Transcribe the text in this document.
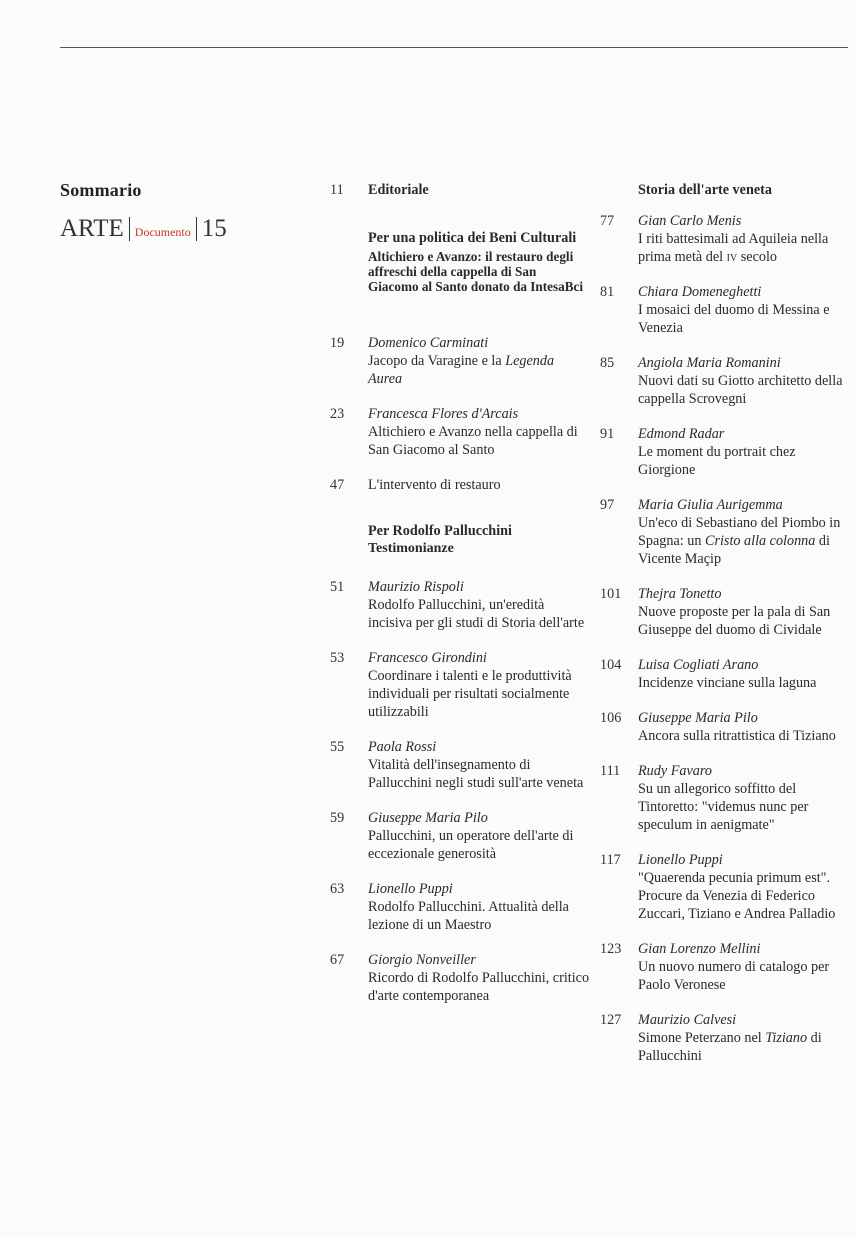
Sommario
ARTE Documento 15
11 Editoriale
Per una politica dei Beni Culturali
Altichiero e Avanzo: il restauro degli affreschi della cappella di San Giacomo al Santo donato da IntesaBci
19 Domenico Carminati
Jacopo da Varagine e la Legenda Aurea
23 Francesca Flores d'Arcais
Altichiero e Avanzo nella cappella di San Giacomo al Santo
47 L'intervento di restauro
Per Rodolfo Pallucchini
Testimonianze
51 Maurizio Rispoli
Rodolfo Pallucchini, un'eredità incisiva per gli studi di Storia dell'arte
53 Francesco Girondini
Coordinare i talenti e le produttività individuali per risultati socialmente utilizzabili
55 Paola Rossi
Vitalità dell'insegnamento di Pallucchini negli studi sull'arte veneta
59 Giuseppe Maria Pilo
Pallucchini, un operatore dell'arte di eccezionale generosità
63 Lionello Puppi
Rodolfo Pallucchini. Attualità della lezione di un Maestro
67 Giorgio Nonveiller
Ricordo di Rodolfo Pallucchini, critico d'arte contemporanea
Storia dell'arte veneta
77 Gian Carlo Menis
I riti battesimali ad Aquileia nella prima metà del iv secolo
81 Chiara Domeneghetti
I mosaici del duomo di Messina e Venezia
85 Angiola Maria Romanini
Nuovi dati su Giotto architetto della cappella Scrovegni
91 Edmond Radar
Le moment du portrait chez Giorgione
97 Maria Giulia Aurigemma
Un'eco di Sebastiano del Piombo in Spagna: un Cristo alla colonna di Vicente Maçip
101 Thejra Tonetto
Nuove proposte per la pala di San Giuseppe del duomo di Cividale
104 Luisa Cogliati Arano
Incidenze vinciane sulla laguna
106 Giuseppe Maria Pilo
Ancora sulla ritrattistica di Tiziano
111 Rudy Favaro
Su un allegorico soffitto del Tintoretto: "videmus nunc per speculum in aenigmate"
117 Lionello Puppi
"Quaerenda pecunia primum est". Procure da Venezia di Federico Zuccari, Tiziano e Andrea Palladio
123 Gian Lorenzo Mellini
Un nuovo numero di catalogo per Paolo Veronese
127 Maurizio Calvesi
Simone Peterzano nel Tiziano di Pallucchini
